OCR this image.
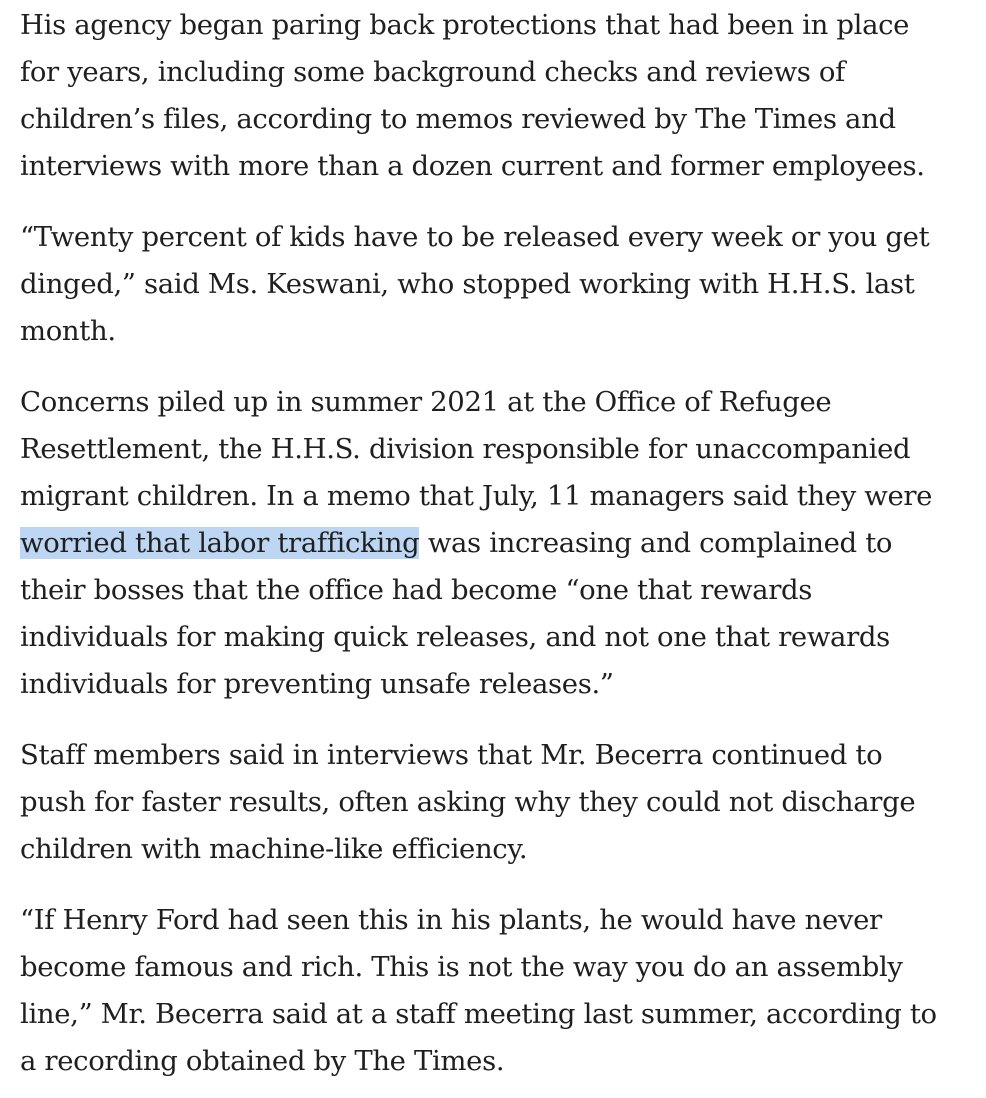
His agency began paring back protections that had been in place
for years, including some background checks and reviews of
children’s files, according to memos reviewed by The Times and
interviews with more than a dozen current and former employees.
“Twenty percent of kids have to be released every week or you get
dinged,” said Ms. Keswani, who stopped working with H.H.S. last
month.
Concerns piled up in summer 2021 at the Office of Refugee
Resettlement, the H.H.S. division responsible for unaccompanied
migrant children. In a memo that July, 11 managers said they were
worried that labor trafficking was increasing and complained to
their bosses that the office had become “one that rewards
individuals for making quick releases, and not one that rewards
individuals for preventing unsafe releases.”
Staff members said in interviews that Mr. Becerra continued to
push for faster results, often asking why they could not discharge
children with machine-like efficiency.
“If Henry Ford had seen this in his plants, he would have never
become famous and rich. This is not the way you do an assembly
line,” Mr. Becerra said at a staff meeting last summer, according to
a recording obtained by The Times.
